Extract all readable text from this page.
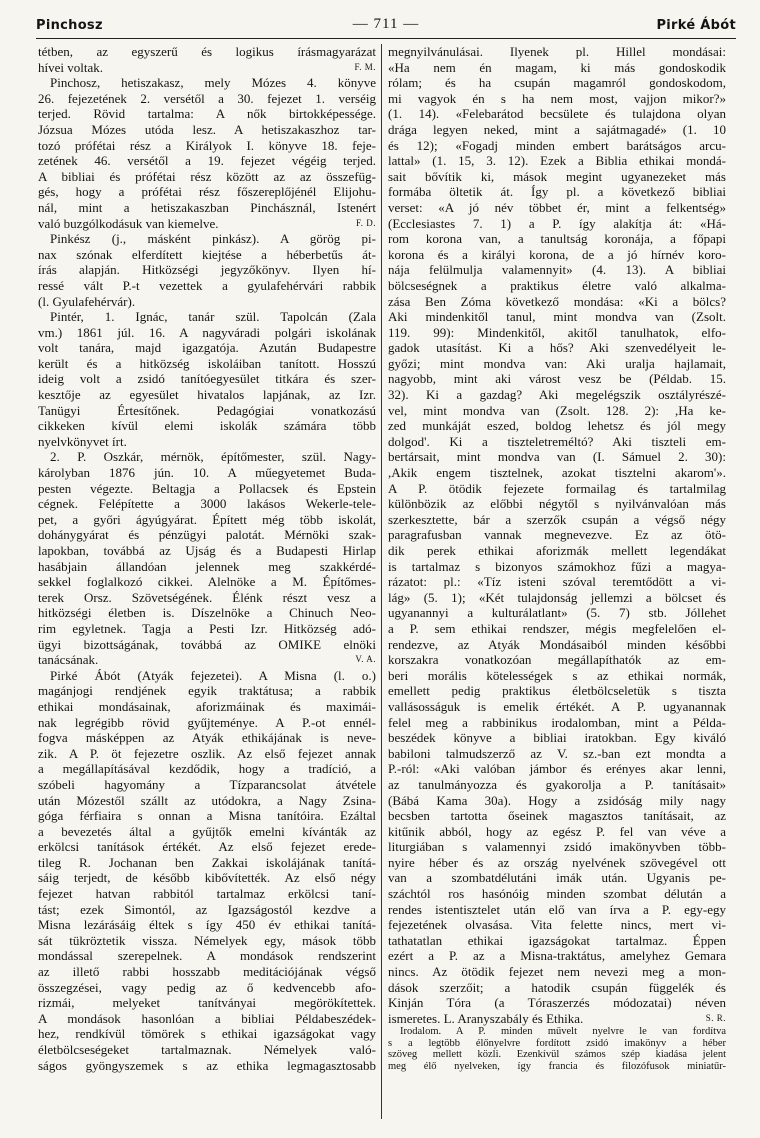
Pinchosz	— 711 —	Pirké Ábót
tétben, az egyszerű és logikus írásmagyarázat
hívei voltak.	F. M.
Pinchosz, hetiszakasz, mely Mózes 4. könyve
26. fejezetének 2. versétől a 30. fejezet 1. verséig
terjed. Rövid tartalma: A nők birtokképessége.
Józsua Mózes utóda lesz. A hetiszakaszhoz tar-
tozó prófétai rész a Királyok I. könyve 18. feje-
zetének 46. versétől a 19. fejezet végéig terjed.
A bibliai és prófétai rész között az az összefüg-
gés, hogy a prófétai rész főszereplőjénél Elijohu-
nál, mint a hetiszakaszban Pinchásznál, Istenért
való buzgólkodásuk van kiemelve.	F. D.
Pinkész (j., másként pinkász). A görög pi-
nax szónak elferdített kiejtése a héberbetűs át-
írás alapján. Hitközségi jegyzőkönyv. Ilyen hí-
ressé vált P.-t vezettek a gyulafehérvári rabbik
(l. Gyulafehérvár).
Pintér, 1. Ignác, tanár szül. Tapolcán (Zala
vm.) 1861 júl. 16. A nagyváradi polgári iskolának
volt tanára, majd igazgatója. Azután Budapestre
került és a hitközség iskoláiban tanított. Hosszú
ideig volt a zsidó tanítóegyesület titkára és szer-
kesztője az egyesület hivatalos lapjának, az Izr.
Tanügyi Értesítőnek. Pedagógiai vonatkozású
cikkeken kívül elemi iskolák számára több
nyelvkönyvet írt.
2. P. Oszkár, mérnök, építőmester, szül. Nagy-
károlyban 1876 jún. 10. A műegyetemet Buda-
pesten végezte. Beltagja a Pollacsek és Epstein
cégnek. Felépítette a 3000 lakásos Wekerle-tele-
pet, a győri ágyúgyárat. Épített még több iskolát,
dohánygyárat és pénzügyi palotát. Mérnöki szak-
lapokban, továbbá az Ujság és a Budapesti Hirlap
hasábjain állandóan jelennek meg szakkérdé-
sekkel foglalkozó cikkei. Alelnöke a M. Építőmes-
terek Orsz. Szövetségének. Élénk részt vesz a
hitközségi életben is. Díszelnöke a Chinuch Neo-
rim egyletnek. Tagja a Pesti Izr. Hitközség adó-
ügyi bizottságának, továbbá az OMIKE elnöki
tanácsának.	V. A.
Pirké Ábót (Atyák fejezetei). A Misna (l. o.)
magánjogi rendjének egyik traktátusa; a rabbik
ethikai mondásainak, aforizmáinak és maximái-
nak legrégibb rövid gyűjteménye. A P.-ot ennél-
fogva másképpen az Atyák ethikájának is neve-
zik. A P. öt fejezetre oszlik. Az első fejezet annak
a megállapításával kezdődik, hogy a tradíció, a
szóbeli hagyomány a Tízparancsolat átvétele
után Mózestől szállt az utódokra, a Nagy Zsina-
góga férfiaira s onnan a Misna tanítóira. Ezáltal
a bevezetés által a gyűjtők emelni kívánták az
erkölcsi tanítások értékét. Az első fejezet erede-
tileg R. Jochanan ben Zakkai iskolájának tanítá-
sáig terjedt, de később kibővítették. Az első négy
fejezet hatvan rabbitól tartalmaz erkölcsi taní-
tást; ezek Simontól, az Igazságostól kezdve a
Misna lezárásáig éltek s így 450 év ethikai tanítá-
sát tükröztetik vissza. Némelyek egy, mások több
mondással szerepelnek. A mondások rendszerint
az illető rabbi hosszabb meditációjának végső
összegzései, vagy pedig az ő kedvencebb afo-
rizmái, melyeket tanítványai megörökítettek.
A mondások hasonlóan a bibliai Példabeszédek-
hez, rendkívül tömörek s ethikai igazságokat vagy
életbölcseségeket tartalmaznak. Némelyek való-
ságos gyöngyszemek s az ethika legmagasztosabb
megnyilvánulásai. Ilyenek pl. Hillel mondásai:
«Ha nem én magam, ki más gondoskodik
rólam; és ha csupán magamról gondoskodom,
mi vagyok én s ha nem most, vajjon mikor?»
(1. 14). «Felebarátod becsülete és tulajdona olyan
drága legyen neked, mint a sajátmagadé» (1. 10
és 12); «Fogadj minden embert barátságos arcu-
lattal» (1. 15, 3. 12). Ezek a Biblia ethikai mondá-
sait bővítik ki, mások megint ugyanezeket más
formába öltetik át. Így pl. a következő bibliai
verset: «A jó név többet ér, mint a felkentség»
(Ecclesiastes 7. 1) a P. így alakítja át: «Há-
rom korona van, a tanultság koronája, a főpapi
korona és a királyi korona, de a jó hírnév koro-
nája felülmulja valamennyit» (4. 13). A bibliai
bölcseségnek a praktikus életre való alkalma-
zása Ben Zóma következő mondása: «Ki a bölcs?
Aki mindenkitől tanul, mint mondva van (Zsolt.
119. 99): Mindenkitől, akitől tanulhatok, elfo-
gadok utasítást. Ki a hős? Aki szenvedélyeit le-
győzi; mint mondva van: Aki uralja hajlamait,
nagyobb, mint aki várost vesz be (Példab. 15.
32). Ki a gazdag? Aki megelégszik osztályrészé-
vel, mint mondva van (Zsolt. 128. 2): ,Ha ke-
zed munkáját eszed, boldog lehetsz és jól megy
dolgod'. Ki a tiszteletreméltó? Aki tiszteli em-
bertársait, mint mondva van (I. Sámuel 2. 30):
,Akik engem tisztelnek, azokat tisztelni akarom'».
A P. ötödik fejezete formailag és tartalmilag
különbözik az előbbi négytől s nyilvánvalóan más
szerkesztette, bár a szerzők csupán a végső négy
paragrafusban vannak megnevezve. Ez az ötö-
dik perek ethikai aforizmák mellett legendákat
is tartalmaz s bizonyos számokhoz fűzi a magya-
rázatot: pl.: «Tíz isteni szóval teremtődött a vi-
lág» (5. 1); «Két tulajdonság jellemzi a bölcset és
ugyanannyi a kulturálatlant» (5. 7) stb. Jóllehet
a P. sem ethikai rendszer, mégis megfelelően el-
rendezve, az Atyák Mondásaiból minden későbbi
korszakra vonatkozóan megállapíthatók az em-
beri morális kötelességek s az ethikai normák,
emellett pedig praktikus életbölcseletük s tiszta
vallásosságuk is emelik értékét. A P. ugyanannak
felel meg a rabbinikus irodalomban, mint a Példa-
beszédek könyve a bibliai iratokban. Egy kiváló
babiloni talmudszerző az V. sz.-ban ezt mondta a
P.-ról: «Aki valóban jámbor és erényes akar lenni,
az tanulmányozza és gyakorolja a P. tanításait»
(Bábá Kama 30a). Hogy a zsidóság mily nagy
becsben tartotta őseinek magasztos tanításait, az
kitűnik abból, hogy az egész P. fel van véve a
liturgiában s valamennyi zsidó imakönyvben több-
nyire héber és az ország nyelvének szövegével ott
van a szombatdélutáni imák után. Ugyanis pe-
száchtól ros hasónóig minden szombat délután a
rendes istentisztelet után elő van írva a P. egy-egy
fejezetének olvasása. Vita felette nincs, mert vi-
tathatatlan ethikai igazságokat tartalmaz. Éppen
ezért a P. az a Misna-traktátus, amelyhez Gemara
nincs. Az ötödik fejezet nem nevezi meg a mon-
dások szerzőit; a hatodik csupán függelék és
Kinján Tóra (a Tóraszerzés módozatai) néven
ismeretes. L. Aranyszabály és Ethika.	S. R.
Irodalom. A P. minden művelt nyelvre le van fordítva
s a legtöbb élőnyelvre fordított zsidó imakönyv a héber
szöveg mellett közli. Ezenkívül számos szép kiadása jelent
meg élő nyelveken, így francia és filozófusok miniatűr-
